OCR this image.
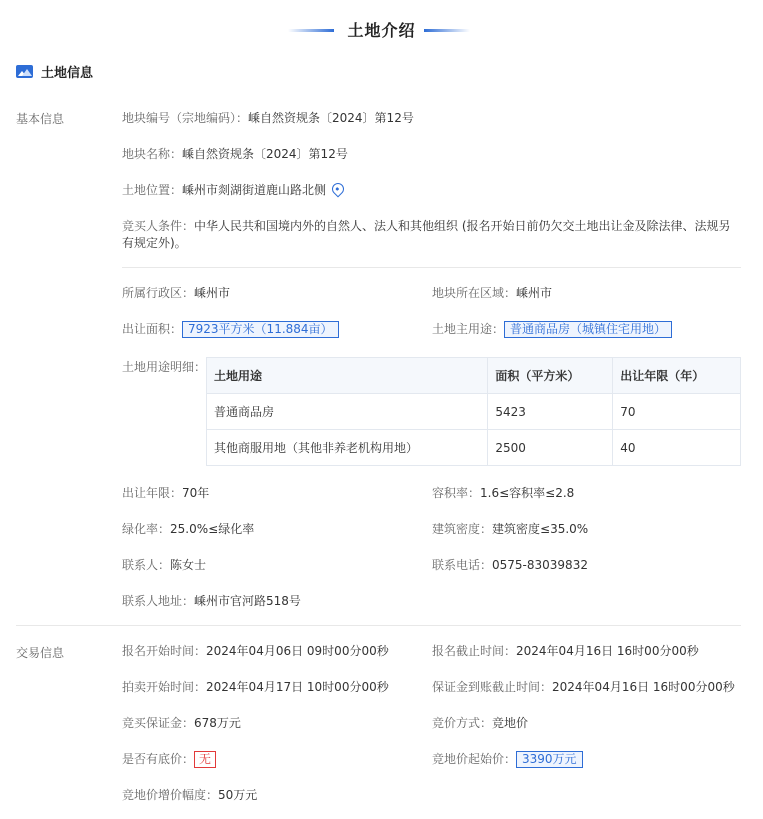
土地介绍
土地信息
基本信息	地块编号（宗地编码）：嵊自然资规条〔2024〕第12号
地块名称：嵊自然资规条〔2024〕第12号
土地位置：嵊州市剡湖街道鹿山路北侧
竞买人条件：中华人民共和国境内外的自然人、法人和其他组织 (报名开始日前仍欠交土地出让金及除法律、法规另有规定外)。
所属行政区：嵊州市	地块所在区域：嵊州市
出让面积： 7923平方米（11.884亩）	土地主用途： 普通商品房（城镇住宅用地）
土地用途明细：
土地用途	面积（平方米）	出让年限（年）
普通商品房	5423	70
其他商服用地（其他非养老机构用地）	2500	40
出让年限：70年	容积率：1.6≤容积率≤2.8
绿化率：25.0%≤绿化率	建筑密度：建筑密度≤35.0%
联系人：陈女士	联系电话：0575-83039832
联系人地址：嵊州市官河路518号
交易信息	报名开始时间：2024年04月06日 09时00分00秒	报名截止时间：2024年04月16日 16时00分00秒
拍卖开始时间：2024年04月17日 10时00分00秒	保证金到账截止时间：2024年04月16日 16时00分00秒
竞买保证金：678万元	竞价方式：竞地价
是否有底价： 无	竞地价起始价： 3390万元
竞地价增价幅度：50万元
